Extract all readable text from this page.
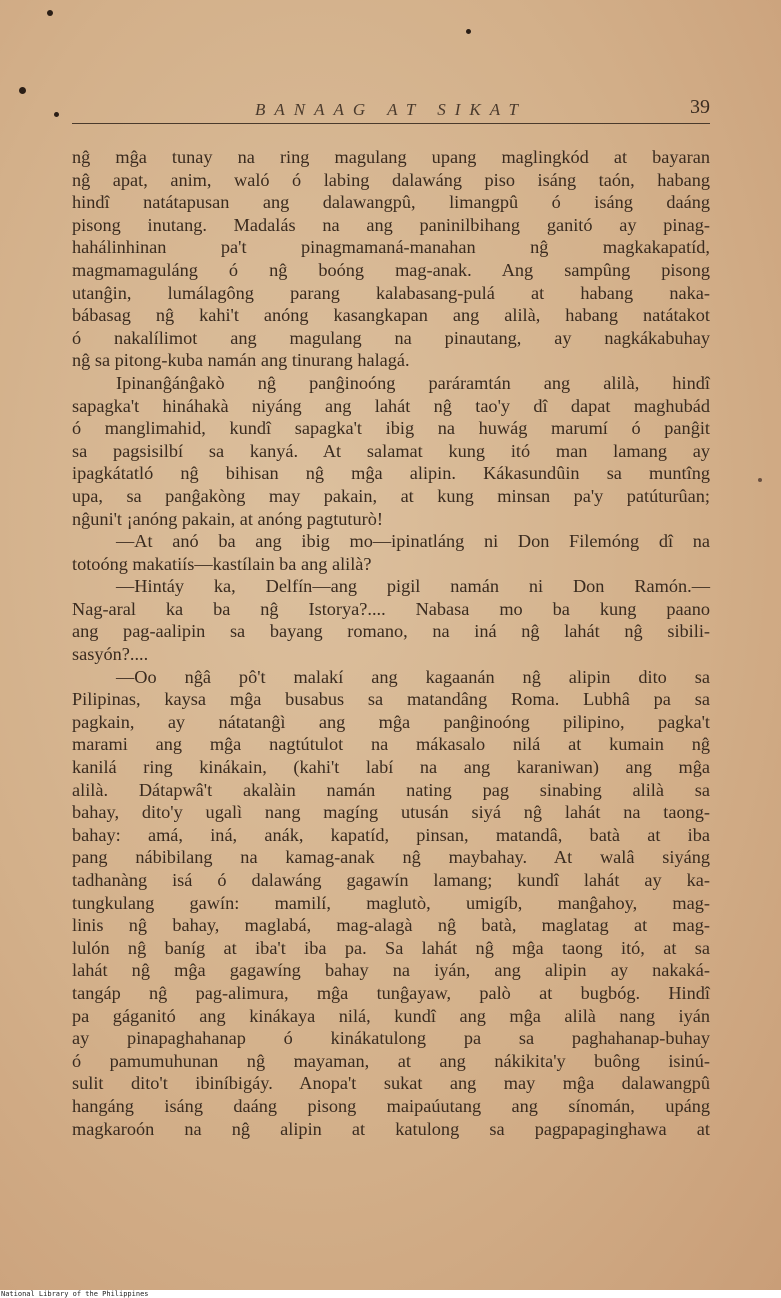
BANAAG AT SIKAT	39
nĝ mĝa tunay na ring magulang upang maglingkód at bayaran
nĝ apat, anim, waló ó labing dalawáng piso isáng taón, habang
hindî natátapusan ang dalawangpû, limangpû ó isáng daáng
pisong inutang. Madalás na ang paninilbihang ganitó ay pinag-
hahálinhinan pa't pinagmamaná-manahan nĝ magkakapatíd,
magmamaguláng ó nĝ boóng mag-anak. Ang sampûng pisong
utanĝin, lumálagông parang kalabasang-pulá at habang naka-
bábasag nĝ kahi't anóng kasangkapan ang alilà, habang natátakot
ó nakalílimot ang magulang na pinautang, ay nagkákabuhay
nĝ sa pitong-kuba namán ang tinurang halagá.
Ipinanĝánĝakò nĝ panĝinoóng paráramtán ang alilà, hindî
sapagka't hináhakà niyáng ang lahát nĝ tao'y dî dapat maghubád
ó manglimahid, kundî sapagka't ibig na huwág marumí ó panĝit
sa pagsisilbí sa kanyá. At salamat kung itó man lamang ay
ipagkátatló nĝ bihisan nĝ mĝa alipin. Kákasundûin sa muntîng
upa, sa panĝakòng may pakain, at kung minsan pa'y patúturûan;
nĝuni't ¡anóng pakain, at anóng pagtuturò!
—At anó ba ang ibig mo—ipinatláng ni Don Filemóng dî na
totoóng makatiís—kastílain ba ang alilà?
—Hintáy ka, Delfín—ang pigil namán ni Don Ramón.—
Nag-aral ka ba nĝ Istorya?.... Nabasa mo ba kung paano
ang pag-aalipin sa bayang romano, na iná nĝ lahát nĝ sibili-
sasyón?....
—Oo nĝâ pô't malakí ang kagaanán nĝ alipin dito sa
Pilipinas, kaysa mĝa busabus sa matandâng Roma. Lubhâ pa sa
pagkain, ay nátatanĝì ang mĝa panĝinoóng pilipino, pagka't
marami ang mĝa nagtútulot na mákasalo nilá at kumain nĝ
kanilá ring kinákain, (kahi't labí na ang karaniwan) ang mĝa
alilà. Dátapwâ't akalàin namán nating pag sinabing alilà sa
bahay, dito'y ugalì nang magíng utusán siyá nĝ lahát na taong-
bahay: amá, iná, anák, kapatíd, pinsan, matandâ, batà at iba
pang nábibilang na kamag-anak nĝ maybahay. At walâ siyáng
tadhanàng isá ó dalawáng gagawín lamang; kundî lahát ay ka-
tungkulang gawín: mamilí, maglutò, umigíb, manĝahoy, mag-
linis nĝ bahay, maglabá, mag-alagà nĝ batà, maglatag at mag-
lulón nĝ baníg at iba't iba pa. Sa lahát nĝ mĝa taong itó, at sa
lahát nĝ mĝa gagawíng bahay na iyán, ang alipin ay nakaká-
tangáp nĝ pag-alimura, mĝa tunĝayaw, palò at bugbóg. Hindî
pa gáganitó ang kinákaya nilá, kundî ang mĝa alilà nang iyán
ay pinapaghahanap ó kinákatulong pa sa paghahanap-buhay
ó pamumuhunan nĝ mayaman, at ang nákikita'y buông isinú-
sulit dito't ibiníbigáy. Anopa't sukat ang may mĝa dalawangpû
hangáng isáng daáng pisong maipaúutang ang sínomán, upáng
magkaroón na nĝ alipin at katulong sa pagpapaginghawa at
National Library of the Philippines
